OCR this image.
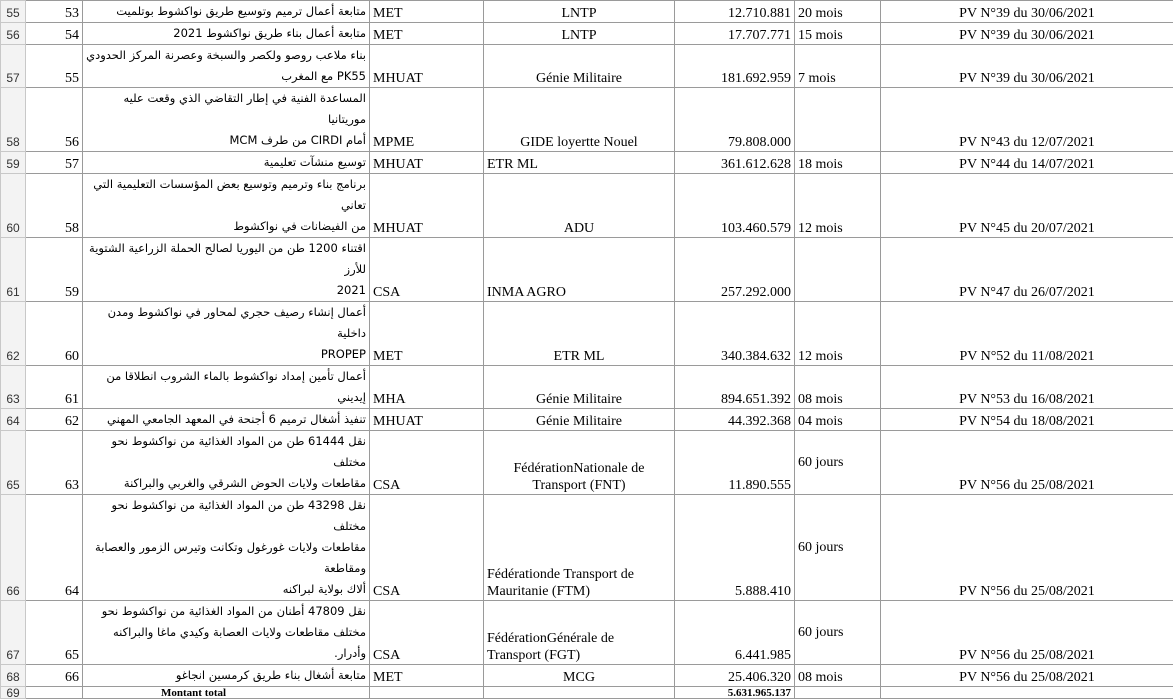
55	53	متابعة أعمال ترميم وتوسيع طريق نواكشوط بوتلميت	MET	LNTP	12.710.881	20 mois	PV N°39 du 30/06/2021
56	54	متابعة أعمال بناء طريق نواكشوط 2021	MET	LNTP	17.707.771	15 mois	PV N°39 du 30/06/2021
57	55	بناء ملاعب روصو ولكصر والسبخة وعصرنة المركز الحدودي
PK55 مع المغرب	MHUAT	Génie Militaire	181.692.959	7 mois	PV N°39 du 30/06/2021
58	56	المساعدة الفنية في إطار التقاضي الذي وقعت عليه موريتانيا
أمام CIRDI من طرف MCM	MPME	GIDE loyertte Nouel	79.808.000		PV N°43 du 12/07/2021
59	57	توسيع منشآت تعليمية	MHUAT	ETR ML	361.612.628	18 mois	PV N°44 du 14/07/2021
60	58	برنامج بناء وترميم وتوسيع بعض المؤسسات التعليمية التي تعاني
من الفيضانات في نواكشوط	MHUAT	ADU	103.460.579	12 mois	PV N°45 du 20/07/2021
61	59	اقتناء 1200 طن من اليوريا لصالح الحملة الزراعية الشتوية للأرز
2021	CSA	INMA AGRO	257.292.000		PV N°47 du 26/07/2021
62	60	أعمال إنشاء رصيف حجري لمحاور في نواكشوط ومدن داخلية
PROPEP	MET	ETR ML	340.384.632	12 mois	PV N°52 du 11/08/2021
63	61	أعمال تأمين إمداد نواكشوط بالماء الشروب انطلاقا من إيديني	MHA	Génie Militaire	894.651.392	08 mois	PV N°53 du 16/08/2021
64	62	تنفيذ أشغال ترميم 6 أجنحة في المعهد الجامعي المهني	MHUAT	Génie Militaire	44.392.368	04 mois	PV N°54 du 18/08/2021
65	63	نقل 61444 طن من المواد الغذائية من نواكشوط نحو مختلف
مقاطعات ولايات الحوض الشرقي والغربي والبراكنة	CSA	FédérationNationale de
Transport (FNT)	11.890.555	60 jours	PV N°56 du 25/08/2021
66	64	نقل 43298 طن من المواد الغذائية من نواكشوط نحو مختلف
مقاطعات ولايات غورغول وتكانت وتيرس الزمور والعصابة ومقاطعة
ألاك بولاية لبراكنه	CSA	Fédérationde Transport de
Mauritanie (FTM)	5.888.410	60 jours	PV N°56 du 25/08/2021
67	65	نقل 47809 أطنان من المواد الغذائية من نواكشوط نحو
مختلف مقاطعات ولايات العصابة وكيدي ماغا والبراكنه وأدرار.	CSA	FédérationGénérale de
Transport (FGT)	6.441.985	60 jours	PV N°56 du 25/08/2021
68	66	متابعة أشغال بناء طريق كرمسين انجاغو	MET	MCG	25.406.320	08 mois	PV N°56 du 25/08/2021
69		Montant total			5.631.965.137		
